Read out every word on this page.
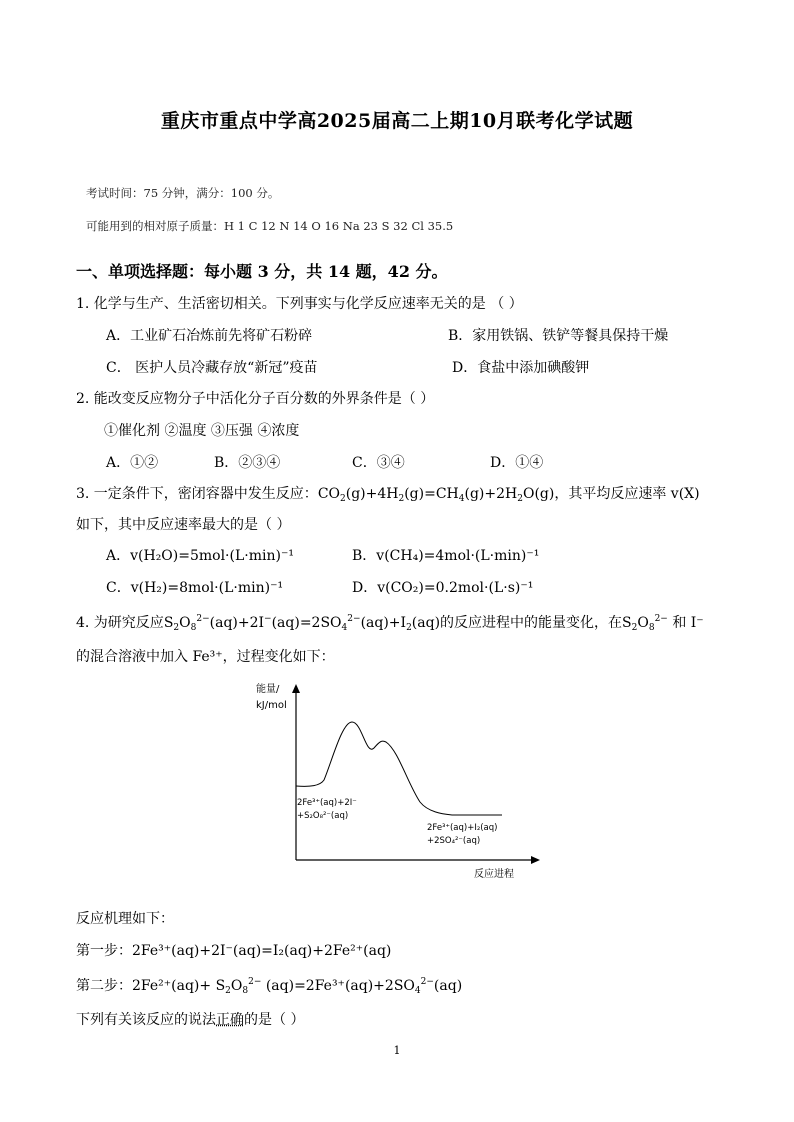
重庆市重点中学高2025届高二上期10月联考化学试题
考试时间：75 分钟，满分：100 分。
可能用到的相对原子质量：H 1 C 12 N 14 O 16 Na 23 S 32 Cl 35.5
一、单项选择题：每小题 3 分，共 14 题，42 分。
1. 化学与生产、生活密切相关。下列事实与化学反应速率无关的是 （ ）
A．工业矿石冶炼前先将矿石粉碎	B．家用铁锅、铁铲等餐具保持干燥
C． 医护人员冷藏存放“新冠”疫苗	D．食盐中添加碘酸钾
2. 能改变反应物分子中活化分子百分数的外界条件是（ ）
①催化剂 ②温度 ③压强 ④浓度
A．①②	B．②③④	C．③④	D．①④
3. 一定条件下，密闭容器中发生反应：$CO_2(g)+4H_2(g)=CH_4(g)+2H_2O(g)$，其平均反应速率 v(X)
如下，其中反应速率最大的是（ ）
A．v(H₂O)=5mol·(L·min)⁻¹	B．v(CH₄)=4mol·(L·min)⁻¹
C．v(H₂)=8mol·(L·min)⁻¹	D．v(CO₂)=0.2mol·(L·s)⁻¹
4. 为研究反应$S_2O_8^{2-}(aq)+2I^-(aq)=2SO_4^{2-}(aq)+I_2(aq)$的反应进程中的能量变化，在$S_2O_8^{2-}$ 和 I⁻
的混合溶液中加入 Fe³⁺，过程变化如下：
能量/
kJ/mol
2Fe³⁺(aq)+2I⁻
+S₂O₈²⁻(aq)
2Fe³⁺(aq)+I₂(aq)
+2SO₄²⁻(aq)
反应进程
反应机理如下：
第一步：2Fe³⁺(aq)+2I⁻(aq)=I₂(aq)+2Fe²⁺(aq)
第二步：$2Fe^{2+}(aq)+ S_2O_8^{2-}$ $(aq)=2Fe^{3+}(aq)+2SO_4^{2-}(aq)$
下列有关该反应的说法正确的是（ ）
1
